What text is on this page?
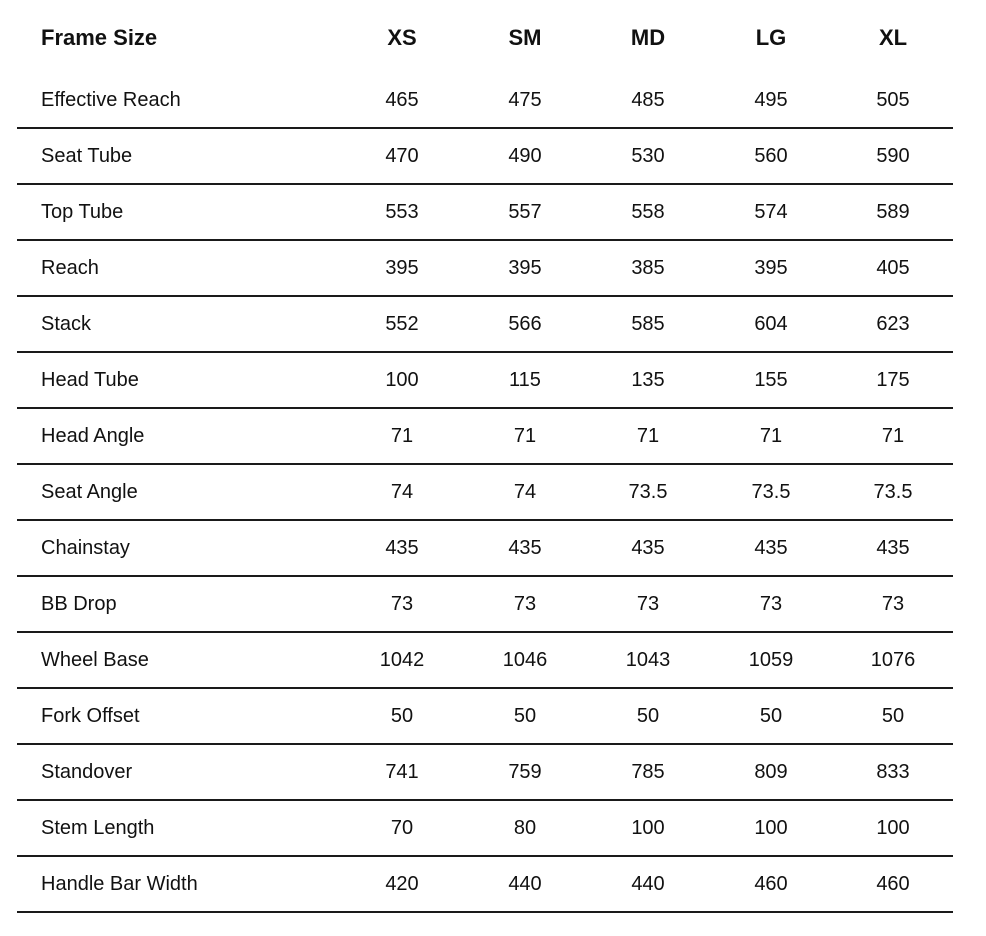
Frame Size	XS	SM	MD	LG	XL
Effective Reach	465	475	485	495	505
Seat Tube	470	490	530	560	590
Top Tube	553	557	558	574	589
Reach	395	395	385	395	405
Stack	552	566	585	604	623
Head Tube	100	115	135	155	175
Head Angle	71	71	71	71	71
Seat Angle	74	74	73.5	73.5	73.5
Chainstay	435	435	435	435	435
BB Drop	73	73	73	73	73
Wheel Base	1042	1046	1043	1059	1076
Fork Offset	50	50	50	50	50
Standover	741	759	785	809	833
Stem Length	70	80	100	100	100
Handle Bar Width	420	440	440	460	460
